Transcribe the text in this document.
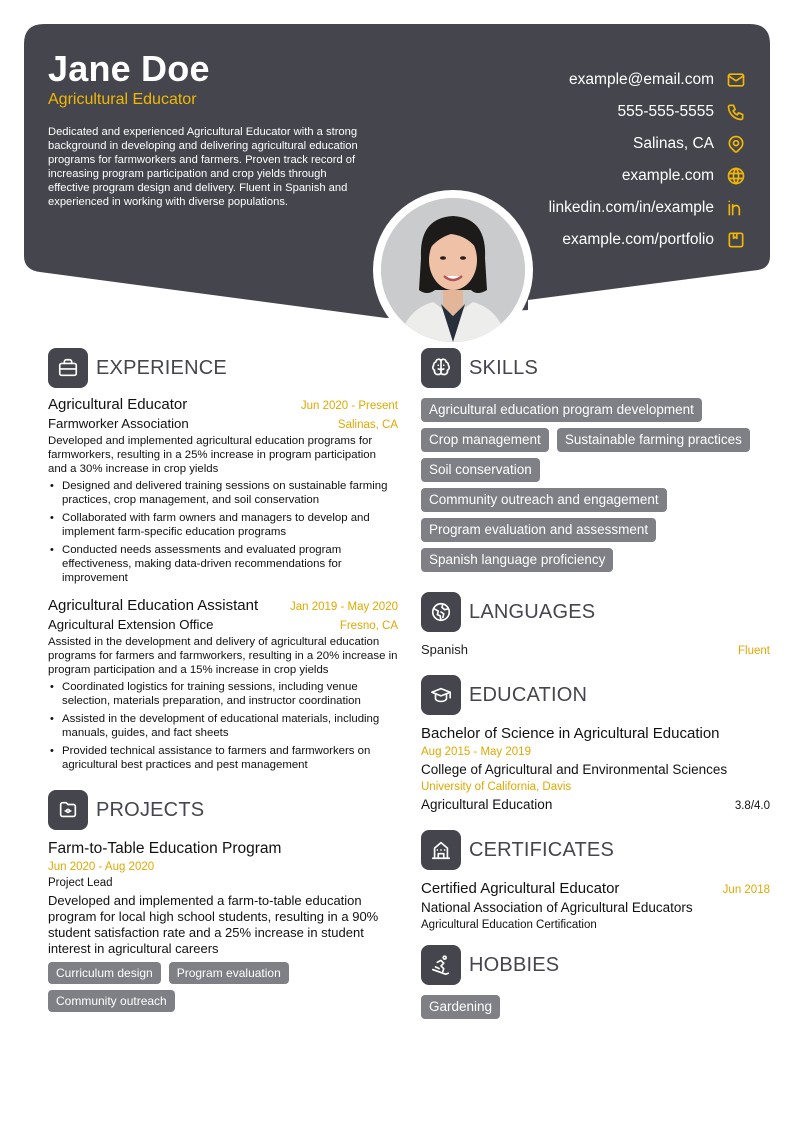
Jane Doe
Agricultural Educator
Dedicated and experienced Agricultural Educator with a strong background in developing and delivering agricultural education programs for farmworkers and farmers. Proven track record of increasing program participation and crop yields through effective program design and delivery. Fluent in Spanish and experienced in working with diverse populations.
example@email.com
555-555-5555
Salinas, CA
example.com
linkedin.com/in/example
example.com/portfolio
EXPERIENCE
Agricultural Educator	Jun 2020 - Present
Farmworker Association	Salinas, CA
Developed and implemented agricultural education programs for farmworkers, resulting in a 25% increase in program participation and a 30% increase in crop yields
• Designed and delivered training sessions on sustainable farming practices, crop management, and soil conservation
• Collaborated with farm owners and managers to develop and implement farm-specific education programs
• Conducted needs assessments and evaluated program effectiveness, making data-driven recommendations for improvement
Agricultural Education Assistant	Jan 2019 - May 2020
Agricultural Extension Office	Fresno, CA
Assisted in the development and delivery of agricultural education programs for farmers and farmworkers, resulting in a 20% increase in program participation and a 15% increase in crop yields
• Coordinated logistics for training sessions, including venue selection, materials preparation, and instructor coordination
• Assisted in the development of educational materials, including manuals, guides, and fact sheets
• Provided technical assistance to farmers and farmworkers on agricultural best practices and pest management
PROJECTS
Farm-to-Table Education Program
Jun 2020 - Aug 2020
Project Lead
Developed and implemented a farm-to-table education program for local high school students, resulting in a 90% student satisfaction rate and a 25% increase in student interest in agricultural careers
Curriculum design	Program evaluation
Community outreach
SKILLS
Agricultural education program development
Crop management	Sustainable farming practices
Soil conservation
Community outreach and engagement
Program evaluation and assessment
Spanish language proficiency
LANGUAGES
Spanish	Fluent
EDUCATION
Bachelor of Science in Agricultural Education
Aug 2015 - May 2019
College of Agricultural and Environmental Sciences
University of California, Davis
Agricultural Education	3.8/4.0
CERTIFICATES
Certified Agricultural Educator	Jun 2018
National Association of Agricultural Educators
Agricultural Education Certification
HOBBIES
Gardening
